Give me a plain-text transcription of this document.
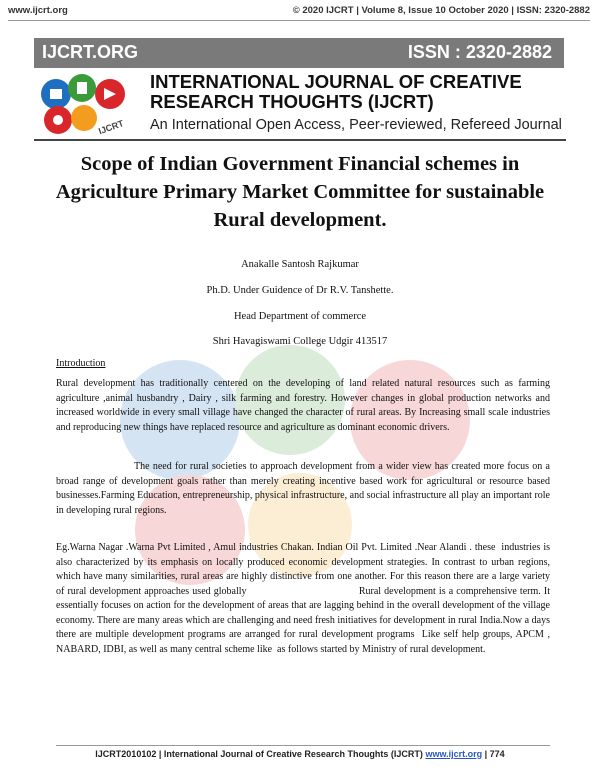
www.ijcrt.org	© 2020 IJCRT | Volume 8, Issue 10 October 2020 | ISSN: 2320-2882
IJCRT.ORG	ISSN : 2320-2882
IJCRT
INTERNATIONAL JOURNAL OF CREATIVE
RESEARCH THOUGHTS (IJCRT)
An International Open Access, Peer-reviewed, Refereed Journal
Scope of Indian Government Financial schemes in
Agriculture Primary Market Committee for sustainable
Rural development.
Anakalle Santosh Rajkumar
Ph.D. Under Guidence of Dr R.V. Tanshette.
Head Department of commerce
Shri Havagiswami College Udgir 413517
Introduction
Rural development has traditionally centered on the developing of land related natural resources such as farming agriculture ,animal husbandry , Dairy , silk farming and forestry. However changes in global production networks and increased worldwide in every small village have changed the character of rural areas. By Increasing small scale industries and reproducing new things have replaced resource and agriculture as dominant economic drivers.
The need for rural societies to approach development from a wider view has created more focus on a broad range of development goals rather than merely creating incentive based work for agricultural or resource based businesses.Farming Education, entrepreneurship, physical infrastructure, and social infrastructure all play an important role in developing rural regions.
Eg.Warna Nagar .Warna Pvt Limited , Amul industries Chakan. Indian Oil Pvt. Limited .Near Alandi . these  industries is also characterized by its emphasis on locally produced economic development strategies. In contrast to urban regions, which have many similarities, rural areas are highly distinctive from one another. For this reason there are a large variety of rural development approaches used globally                                    Rural development is a comprehensive term. It essentially focuses on action for the development of areas that are lagging behind in the overall development of the village economy. There are many areas which are challenging and need fresh initiatives for development in rural India.Now a days there are multiple development programs are arranged for rural development programs  Like self help groups, APCM , NABARD, IDBI, as well as many central scheme like  as follows started by Ministry of rural development.
IJCRT2010102 | International Journal of Creative Research Thoughts (IJCRT) www.ijcrt.org | 774
